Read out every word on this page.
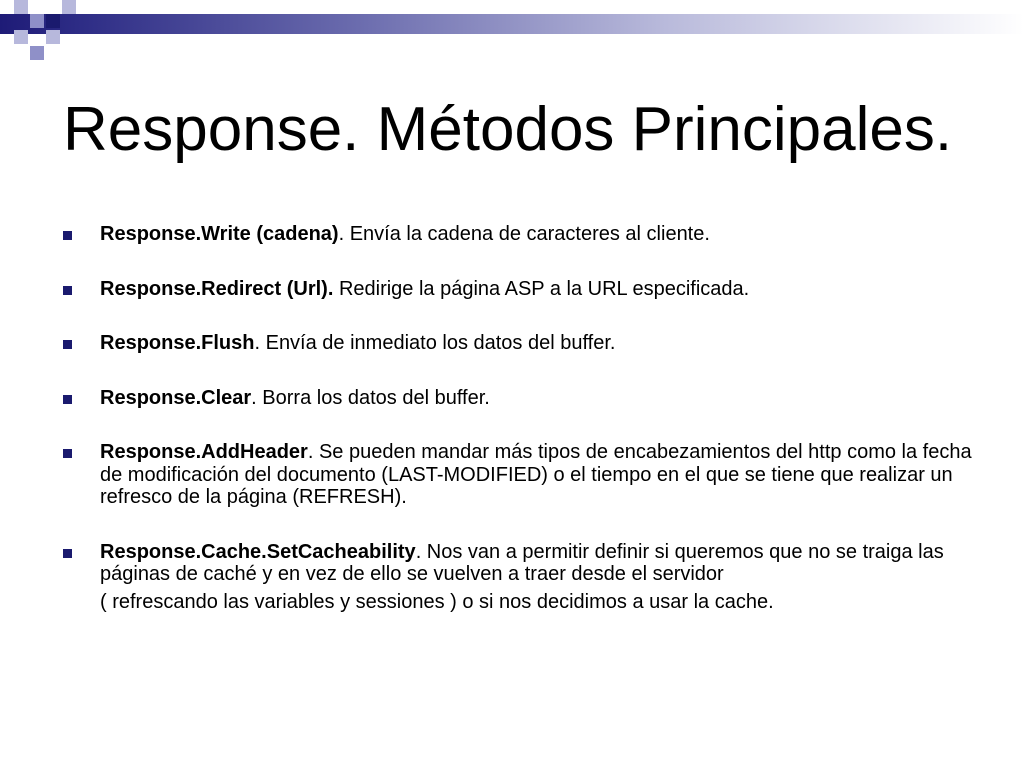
Response. Métodos Principales.
Response.Write (cadena). Envía la cadena de caracteres al cliente.
Response.Redirect (Url). Redirige la página ASP a la URL especificada.
Response.Flush. Envía de inmediato los datos del buffer.
Response.Clear. Borra los datos del buffer.
Response.AddHeader. Se pueden mandar más tipos de encabezamientos del http como la fecha de modificación del documento (LAST-MODIFIED) o el tiempo en el que se tiene que realizar un refresco de la página (REFRESH).
Response.Cache.SetCacheability. Nos van a permitir definir si queremos que no se traiga las páginas de caché y en vez de ello se vuelven a traer desde el servidor
( refrescando las variables y sessiones ) o si nos decidimos a usar la cache.
